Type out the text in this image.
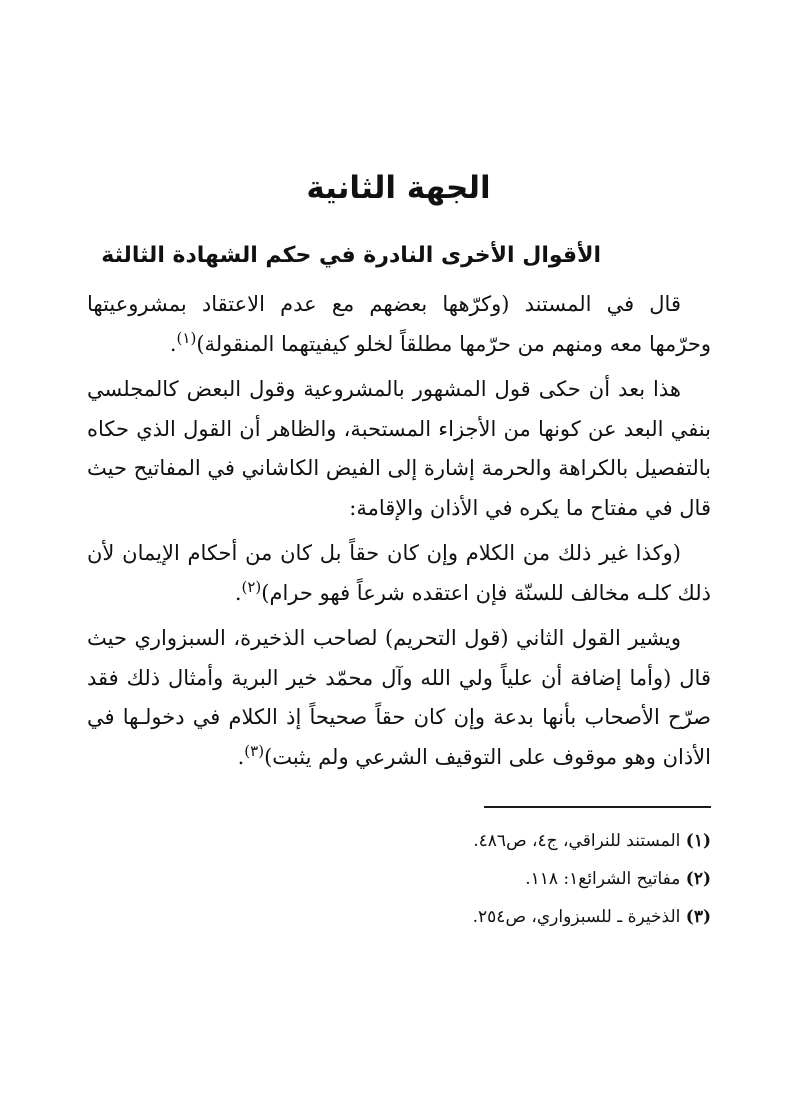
الجهة الثانية
الأقوال الأخرى النادرة في حكم الشهادة الثالثة

قال في المستند (وكرّهها بعضهم مع عدم الاعتقاد بمشروعيتها وحرّمها معه ومنهم من حرّمها مطلقاً لخلو كيفيتهما المنقولة)$^{(١)}$.

هذا بعد أن حكى قول المشهور بالمشروعية وقول البعض كالمجلسي بنفي البعد عن كونها من الأجزاء المستحبة، والظاهر أن القول الذي حكاه بالتفصيل بالكراهة والحرمة إشارة إلى الفيض الكاشاني في المفاتيح حيث قال في مفتاح ما يكره في الأذان والإقامة:

(وكذا غير ذلك من الكلام وإن كان حقاً بل كان من أحكام الإيمان لأن ذلك كلـه مخالف للسنّة فإن اعتقده شرعاً فهو حرام)$^{(٢)}$.

ويشير القول الثاني (قول التحريم) لصاحب الذخيرة، السبزواري حيث قال (وأما إضافة أن علياً ولي الله وآل محمّد خير البرية وأمثال ذلك فقد صرّح الأصحاب بأنها بدعة وإن كان حقاً صحيحاً إذ الكلام في دخولـها في الأذان وهو موقوف على التوقيف الشرعي ولم يثبت)$^{(٣)}$.

(١) المستند للنراقي، ج٤، ص٤٨٦.

(٢) مفاتيح الشرائع١: ١١٨.

(٣) الذخيرة ـ للسبزواري، ص٢٥٤.
